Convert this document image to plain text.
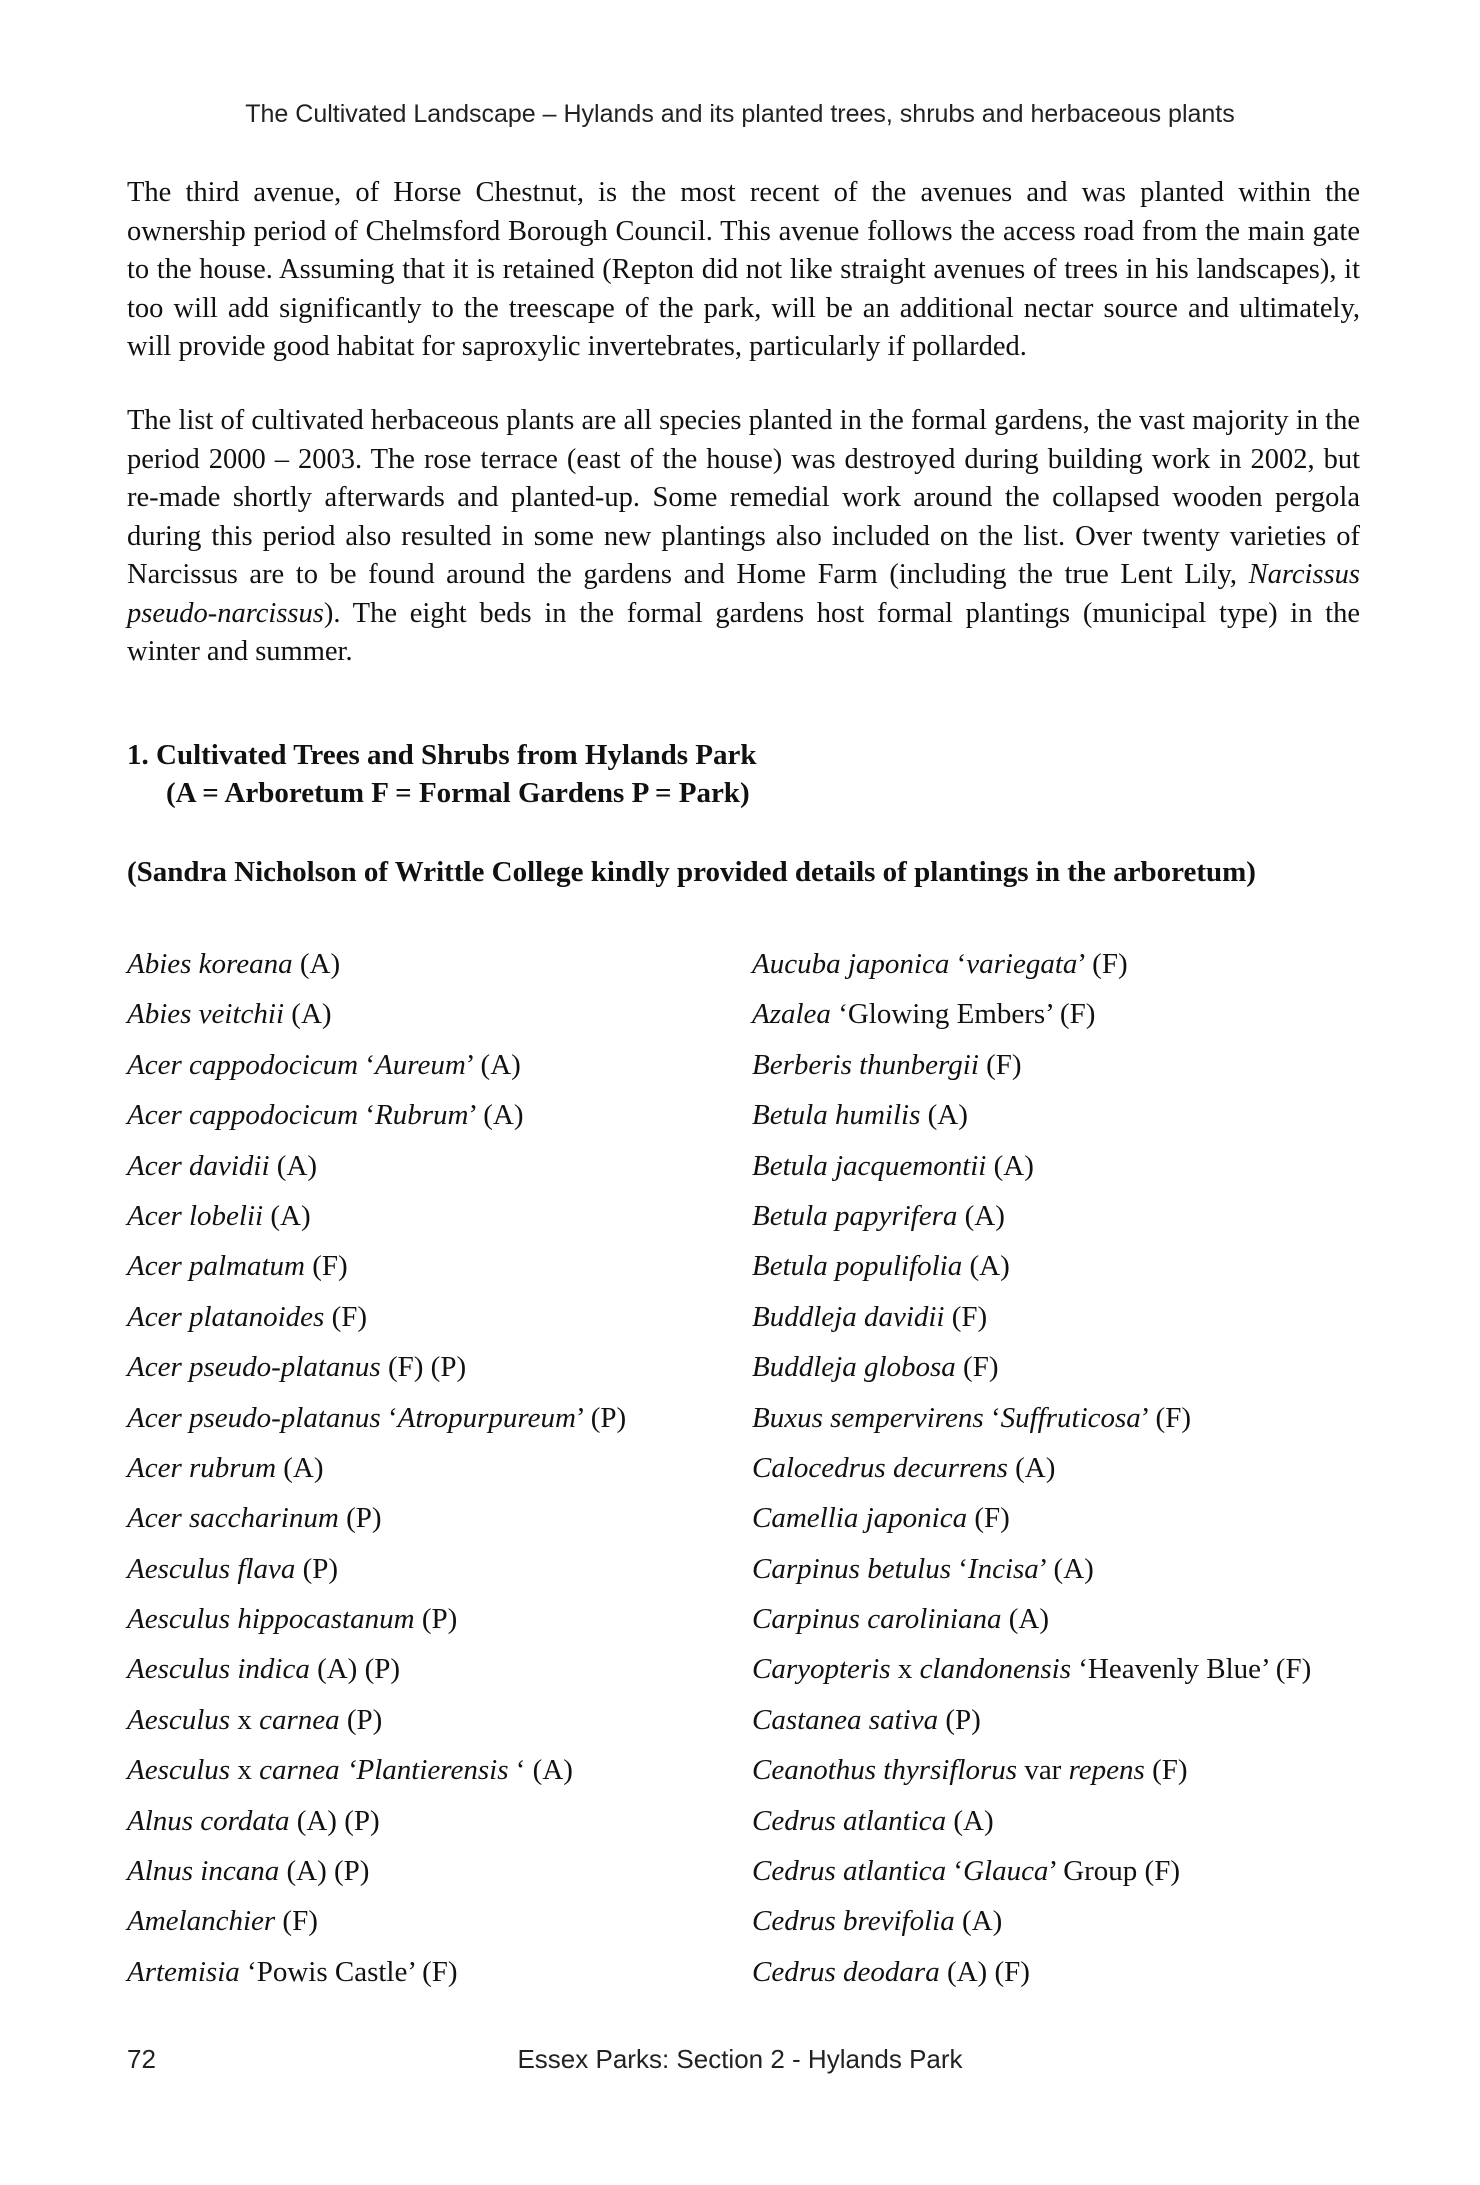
The Cultivated Landscape – Hylands and its planted trees, shrubs and herbaceous plants

The third avenue, of Horse Chestnut, is the most recent of the avenues and was planted within the ownership period of Chelmsford Borough Council. This avenue follows the access road from the main gate to the house. Assuming that it is retained (Repton did not like straight avenues of trees in his landscapes), it too will add significantly to the treescape of the park, will be an additional nectar source and ultimately, will provide good habitat for saproxylic invertebrates, particularly if pollarded.

The list of cultivated herbaceous plants are all species planted in the formal gardens, the vast majority in the period 2000 – 2003. The rose terrace (east of the house) was destroyed during building work in 2002, but re-made shortly afterwards and planted-up. Some remedial work around the collapsed wooden pergola during this period also resulted in some new plantings also included on the list. Over twenty varieties of Narcissus are to be found around the gardens and Home Farm (including the true Lent Lily, Narcissus pseudo-narcissus). The eight beds in the formal gardens host formal plantings (municipal type) in the winter and summer.

1. Cultivated Trees and Shrubs from Hylands Park
(A = Arboretum F = Formal Gardens P = Park)
(Sandra Nicholson of Writtle College kindly provided details of plantings in the arboretum)
Abies koreana (A)
Abies veitchii (A)
Acer cappodocicum ‘Aureum’ (A)
Acer cappodocicum ‘Rubrum’ (A)
Acer davidii (A)
Acer lobelii (A)
Acer palmatum (F)
Acer platanoides (F)
Acer pseudo-platanus (F) (P)
Acer pseudo-platanus ‘Atropurpureum’ (P)
Acer rubrum (A)
Acer saccharinum (P)
Aesculus flava (P)
Aesculus hippocastanum (P)
Aesculus indica (A) (P)
Aesculus x carnea (P)
Aesculus x carnea ‘Plantierensis ‘ (A)
Alnus cordata (A) (P)
Alnus incana (A) (P)
Amelanchier (F)
Artemisia ‘Powis Castle’ (F)
Aucuba japonica ‘variegata’ (F)
Azalea ‘Glowing Embers’ (F)
Berberis thunbergii (F)
Betula humilis (A)
Betula jacquemontii (A)
Betula papyrifera (A)
Betula populifolia (A)
Buddleja davidii (F)
Buddleja globosa (F)
Buxus sempervirens ‘Suffruticosa’ (F)
Calocedrus decurrens (A)
Camellia japonica (F)
Carpinus betulus ‘Incisa’ (A)
Carpinus caroliniana (A)
Caryopteris x clandonensis ‘Heavenly Blue’ (F)
Castanea sativa (P)
Ceanothus thyrsiflorus var repens (F)
Cedrus atlantica (A)
Cedrus atlantica ‘Glauca’ Group (F)
Cedrus brevifolia (A)
Cedrus deodara (A) (F)
72	Essex Parks: Section 2 - Hylands Park
